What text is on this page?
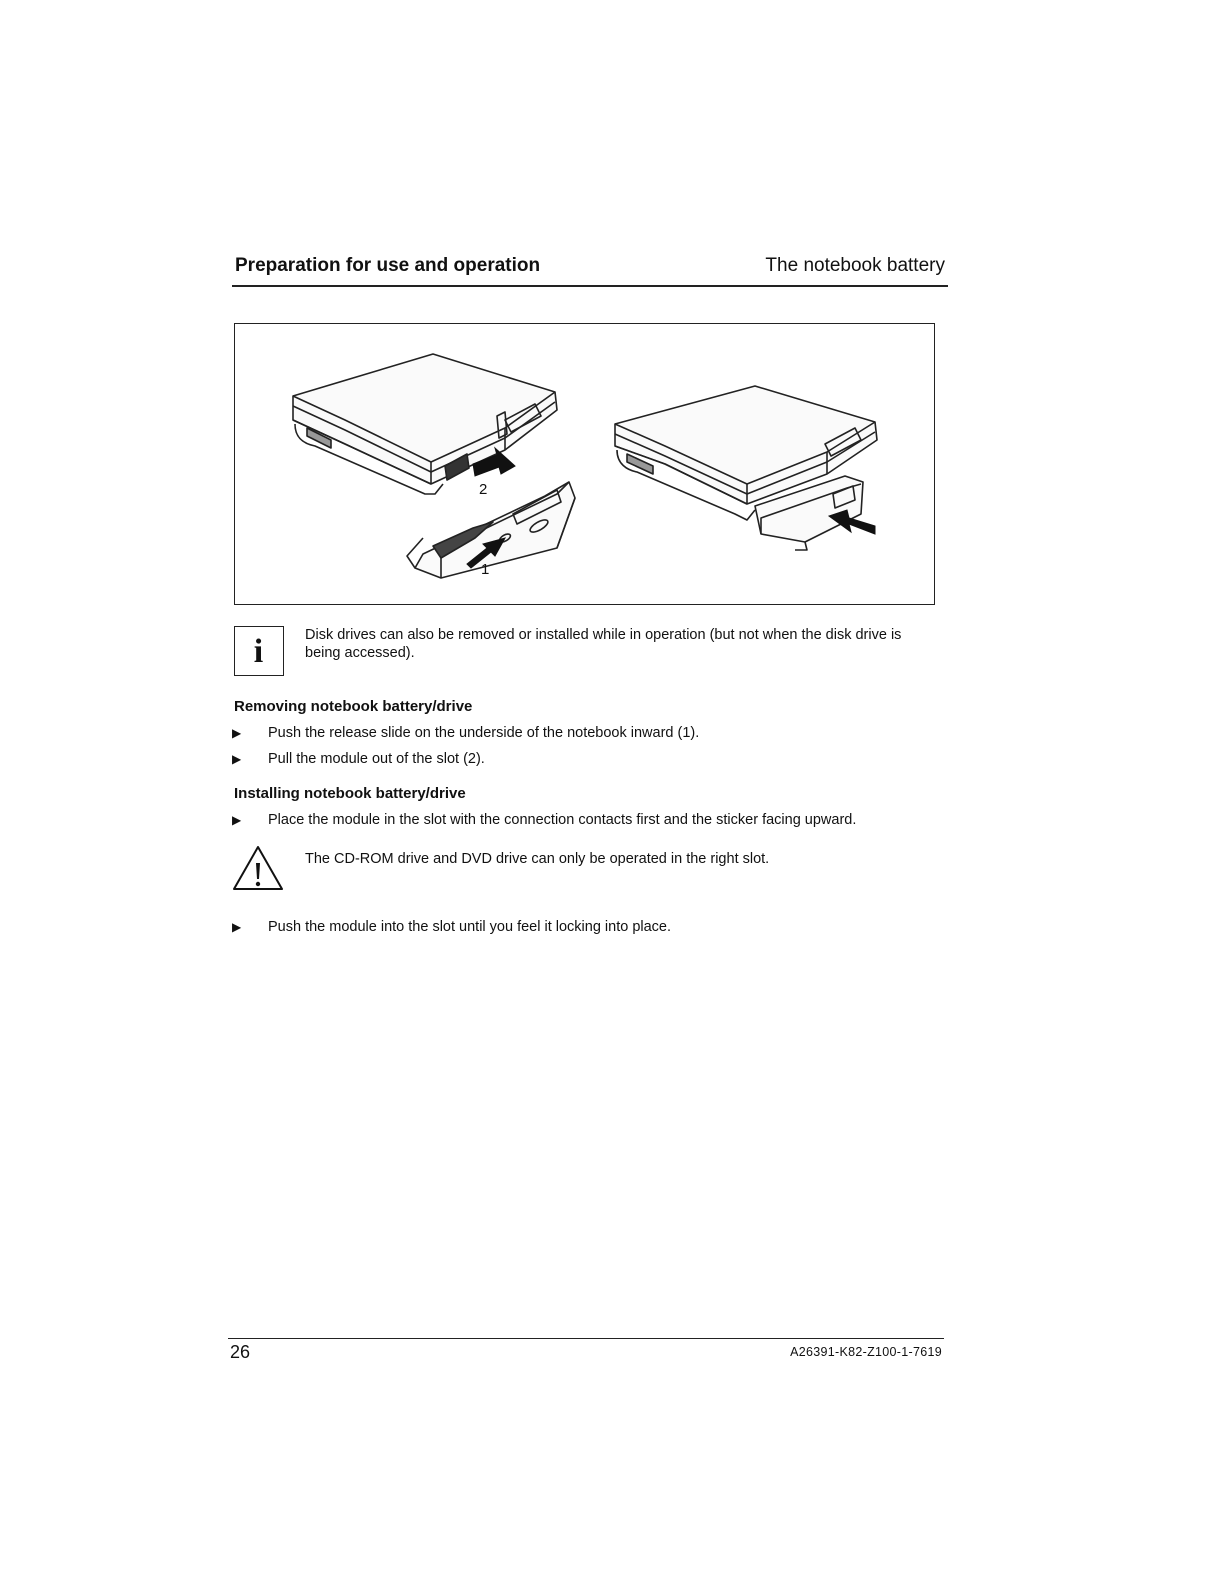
Preparation for use and operation	The notebook battery
2
1
i	Disk drives can also be removed or installed while in operation (but not when the disk drive is being accessed).
Removing notebook battery/drive
▶ Push the release slide on the underside of the notebook inward (1).
▶ Pull the module out of the slot (2).
Installing notebook battery/drive
▶ Place the module in the slot with the connection contacts first and the sticker facing upward.
The CD-ROM drive and DVD drive can only be operated in the right slot.
▶ Push the module into the slot until you feel it locking into place.
26	A26391-K82-Z100-1-7619
